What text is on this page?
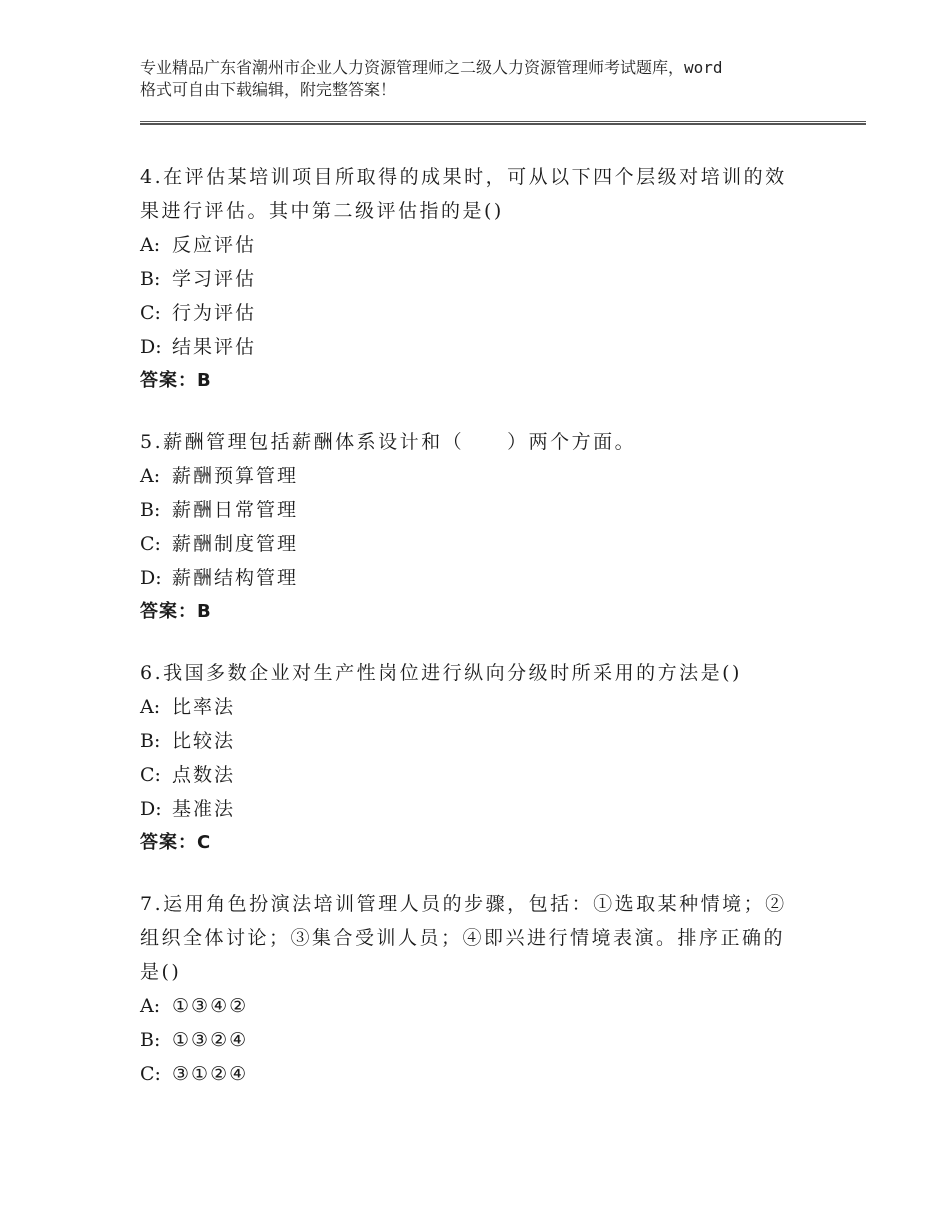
专业精品广东省潮州市企业人力资源管理师之二级人力资源管理师考试题库，word
格式可自由下载编辑，附完整答案！
4.在评估某培训项目所取得的成果时，可从以下四个层级对培训的效
果进行评估。其中第二级评估指的是()
A: 反应评估
B: 学习评估
C: 行为评估
D: 结果评估
答案：B
5.薪酬管理包括薪酬体系设计和（　　）两个方面。
A: 薪酬预算管理
B: 薪酬日常管理
C: 薪酬制度管理
D: 薪酬结构管理
答案：B
6.我国多数企业对生产性岗位进行纵向分级时所采用的方法是()
A: 比率法
B: 比较法
C: 点数法
D: 基准法
答案：C
7.运用角色扮演法培训管理人员的步骤，包括：①选取某种情境；②
组织全体讨论；③集合受训人员；④即兴进行情境表演。排序正确的
是()
A: ①③④②
B: ①③②④
C: ③①②④
